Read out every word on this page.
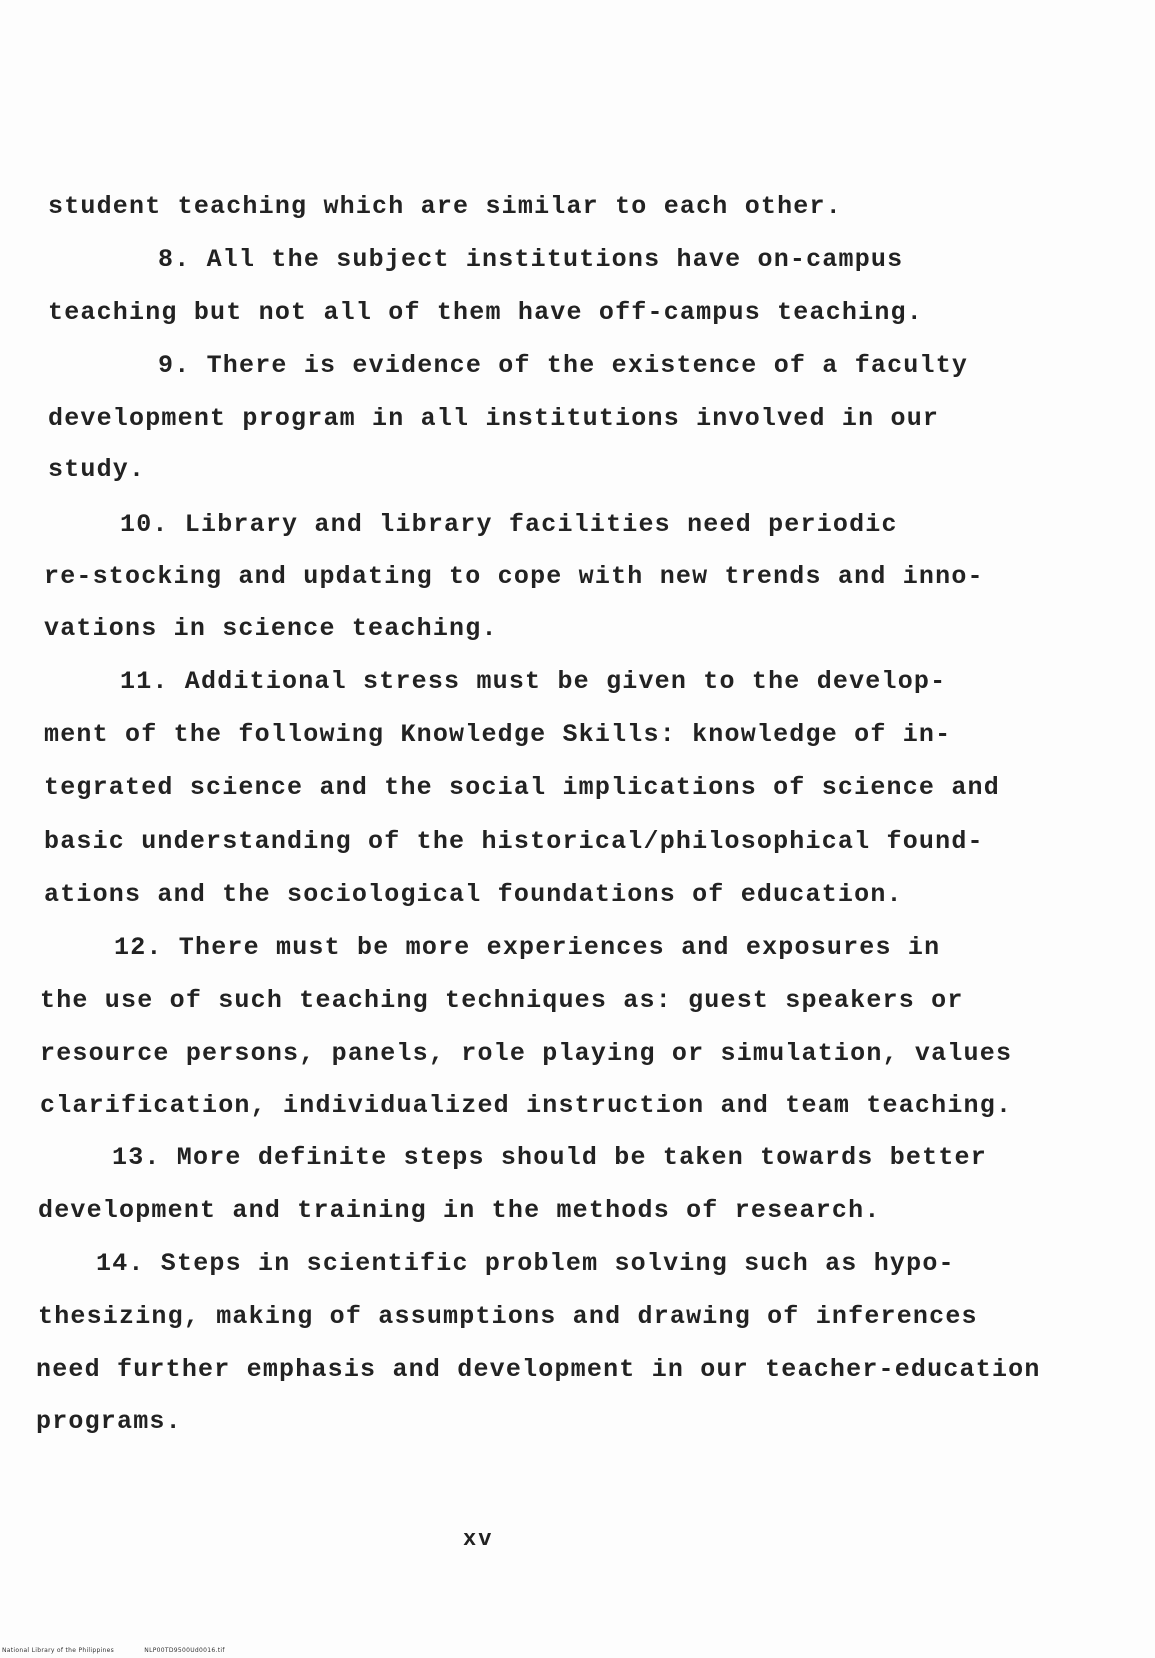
student teaching which are similar to each other.
8. All the subject institutions have on-campus
teaching but not all of them have off-campus teaching.
9. There is evidence of the existence of a faculty
development program in all institutions involved in our
study.
10. Library and library facilities need periodic
re-stocking and updating to cope with new trends and inno-
vations in science teaching.
11. Additional stress must be given to the develop-
ment of the following Knowledge Skills: knowledge of in-
tegrated science and the social implications of science and
basic understanding of the historical/philosophical found-
ations and the sociological foundations of education.
12. There must be more experiences and exposures in
the use of such teaching techniques as: guest speakers or
resource persons, panels, role playing or simulation, values
clarification, individualized instruction and team teaching.
13. More definite steps should be taken towards better
development and training in the methods of research.
14. Steps in scientific problem solving such as hypo-
thesizing, making of assumptions and drawing of inferences
need further emphasis and development in our teacher-education
programs.
xv
National Library of the Philippines	NLP00TD9500Ud0016.tif
